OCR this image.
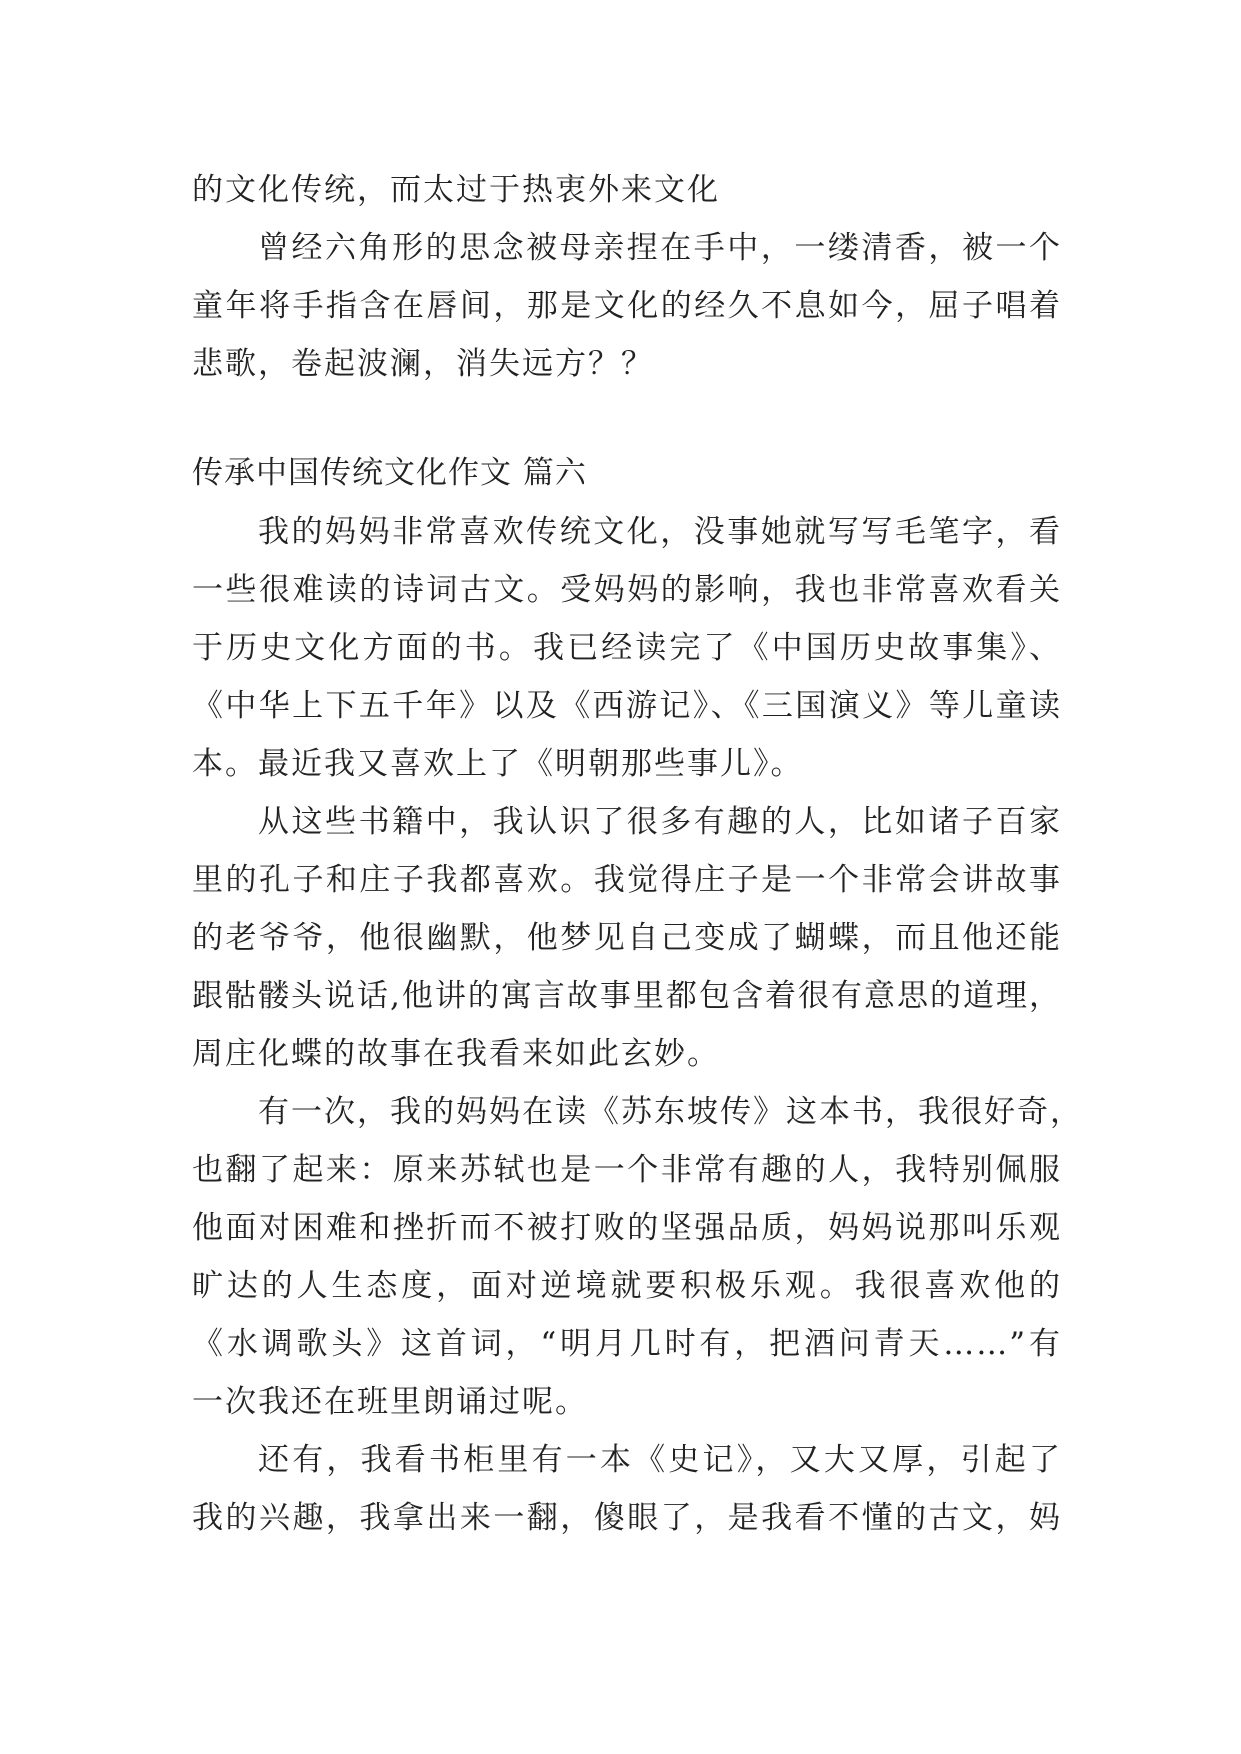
的文化传统，而太过于热衷外来文化
曾经六角形的思念被母亲捏在手中，一缕清香，被一个
童年将手指含在唇间，那是文化的经久不息如今，屈子唱着
悲歌，卷起波澜，消失远方？？
传承中国传统文化作文 篇六
我的妈妈非常喜欢传统文化，没事她就写写毛笔字，看
一些很难读的诗词古文。受妈妈的影响，我也非常喜欢看关
于历史文化方面的书。我已经读完了《中国历史故事集》、
《中华上下五千年》以及《西游记》、《三国演义》等儿童读
本。最近我又喜欢上了《明朝那些事儿》。
从这些书籍中，我认识了很多有趣的人，比如诸子百家
里的孔子和庄子我都喜欢。我觉得庄子是一个非常会讲故事
的老爷爷，他很幽默，他梦见自己变成了蝴蝶，而且他还能
跟骷髅头说话,他讲的寓言故事里都包含着很有意思的道理，
周庄化蝶的故事在我看来如此玄妙。
有一次，我的妈妈在读《苏东坡传》这本书，我很好奇，
也翻了起来：原来苏轼也是一个非常有趣的人，我特别佩服
他面对困难和挫折而不被打败的坚强品质，妈妈说那叫乐观
旷达的人生态度，面对逆境就要积极乐观。我很喜欢他的
《水调歌头》这首词，“明月几时有，把酒问青天……”有
一次我还在班里朗诵过呢。
还有，我看书柜里有一本《史记》，又大又厚，引起了
我的兴趣，我拿出来一翻，傻眼了，是我看不懂的古文，妈
